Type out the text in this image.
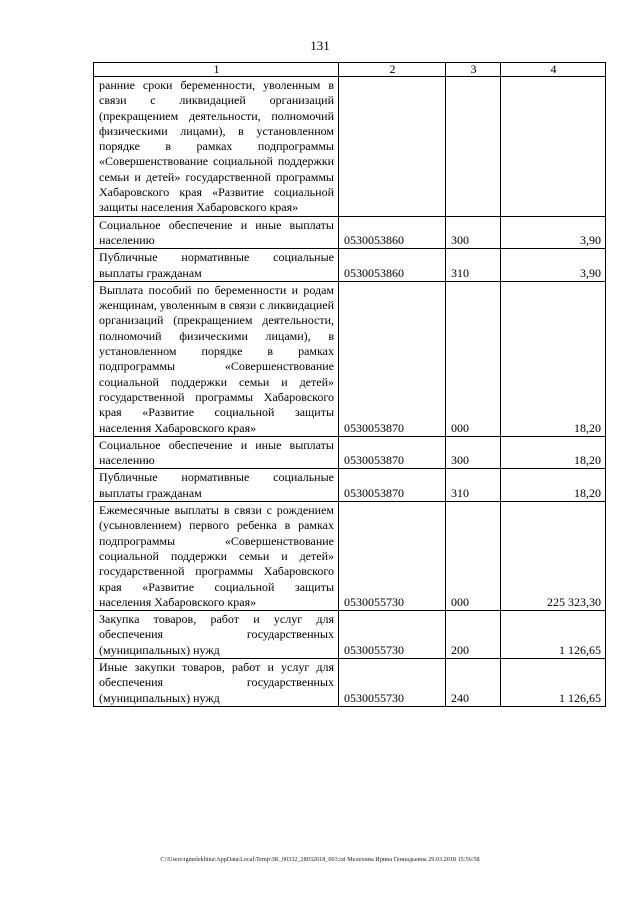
131
1	2	3	4
ранние сроки беременности, уволенным в связи с ликвидацией организаций (прекращением деятельности, полномочий физическими лицами), в установленном порядке в рамках подпрограммы «Совершенствование социальной поддержки семьи и детей» государственной программы Хабаровского края «Развитие социальной защиты населения Хабаровского края»			
Социальное обеспечение и иные выплаты населению	0530053860	300	3,90
Публичные нормативные социальные выплаты гражданам	0530053860	310	3,90
Выплата пособий по беременности и родам женщинам, уволенным в связи с ликвидацией организаций (прекращением деятельности, полномочий физическими лицами), в установленном порядке в рамках подпрограммы «Совершенствование социальной поддержки семьи и детей» государственной программы Хабаровского края «Развитие социальной защиты населения Хабаровского края»	0530053870	000	18,20
Социальное обеспечение и иные выплаты населению	0530053870	300	18,20
Публичные нормативные социальные выплаты гражданам	0530053870	310	18,20
Ежемесячные выплаты в связи с рождением (усыновлением) первого ребенка в рамках подпрограммы «Совершенствование социальной поддержки семьи и детей» государственной программы Хабаровского края «Развитие социальной защиты населения Хабаровского края»	0530055730	000	225 323,30
Закупка товаров, работ и услуг для обеспечения государственных (муниципальных) нужд	0530055730	200	1 126,65
Иные закупки товаров, работ и услуг для обеспечения государственных (муниципальных) нужд	0530055730	240	1 126,65
C:\Users\igmelekhina\AppData\Local\Temp\ЗК_00332_28032018_003.txt Мелехина Ирина Геннадьевна 29.03.2018 15:56:58
